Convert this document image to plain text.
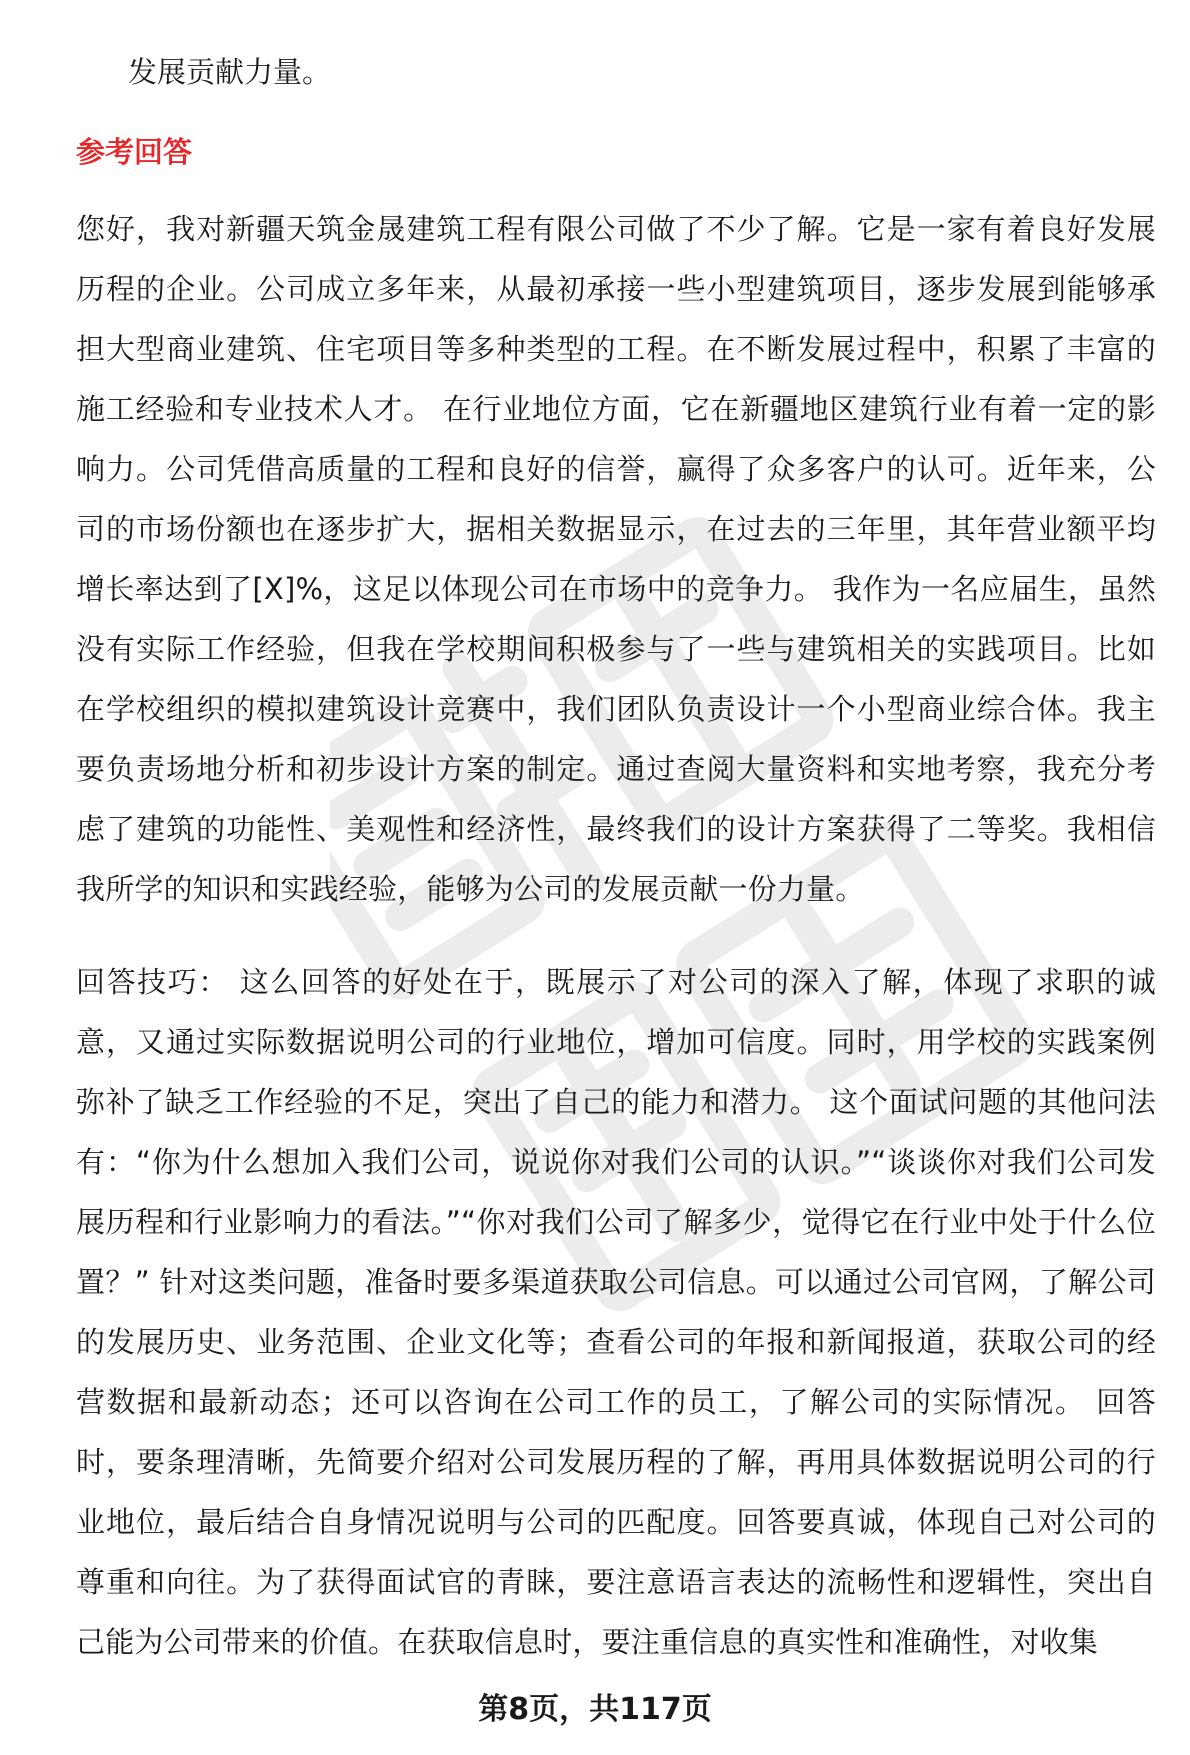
发展贡献力量。

参考回答

您好，我对新疆天筑金晟建筑工程有限公司做了不少了解。它是一家有着良好发展历程的企业。公司成立多年来，从最初承接一些小型建筑项目，逐步发展到能够承担大型商业建筑、住宅项目等多种类型的工程。在不断发展过程中，积累了丰富的施工经验和专业技术人才。 在行业地位方面，它在新疆地区建筑行业有着一定的影响力。公司凭借高质量的工程和良好的信誉，赢得了众多客户的认可。近年来，公司的市场份额也在逐步扩大，据相关数据显示，在过去的三年里，其年营业额平均增长率达到了[X]%，这足以体现公司在市场中的竞争力。 我作为一名应届生，虽然没有实际工作经验，但我在学校期间积极参与了一些与建筑相关的实践项目。比如在学校组织的模拟建筑设计竞赛中，我们团队负责设计一个小型商业综合体。我主要负责场地分析和初步设计方案的制定。通过查阅大量资料和实地考察，我充分考虑了建筑的功能性、美观性和经济性，最终我们的设计方案获得了二等奖。我相信我所学的知识和实践经验，能够为公司的发展贡献一份力量。

回答技巧： 这么回答的好处在于，既展示了对公司的深入了解，体现了求职的诚意，又通过实际数据说明公司的行业地位，增加可信度。同时，用学校的实践案例弥补了缺乏工作经验的不足，突出了自己的能力和潜力。 这个面试问题的其他问法有：“你为什么想加入我们公司，说说你对我们公司的认识。”“谈谈你对我们公司发展历程和行业影响力的看法。”“你对我们公司了解多少，觉得它在行业中处于什么位置？” 针对这类问题，准备时要多渠道获取公司信息。可以通过公司官网，了解公司的发展历史、业务范围、企业文化等；查看公司的年报和新闻报道，获取公司的经营数据和最新动态；还可以咨询在公司工作的员工，了解公司的实际情况。 回答时，要条理清晰，先简要介绍对公司发展历程的了解，再用具体数据说明公司的行业地位，最后结合自身情况说明与公司的匹配度。回答要真诚，体现自己对公司的尊重和向往。为了获得面试官的青睐，要注意语言表达的流畅性和逻辑性，突出自己能为公司带来的价值。在获取信息时，要注重信息的真实性和准确性，对收集

第8页，共117页
